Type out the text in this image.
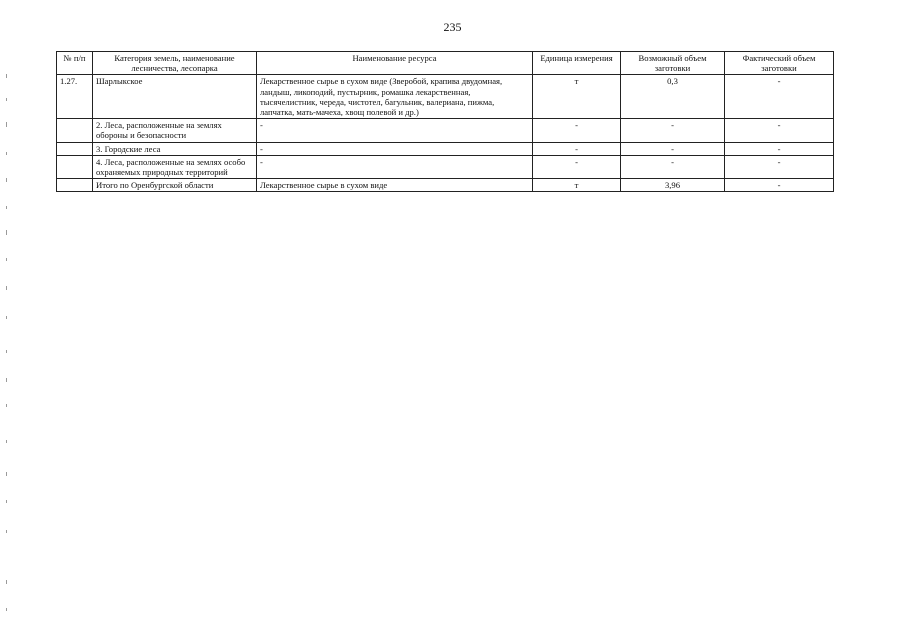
235
№ п/п	Категория земель, наименование лесничества, лесопарка	Наименование ресурса	Единица измерения	Возможный объем заготовки	Фактический объем заготовки
1.27.	Шарлыкское	Лекарственное сырье в сухом виде (Зверобой, крапива двудомная, ландыш, ликоподий, пустырник, ромашка лекарственная, тысячелистник, череда, чистотел, багульник, валериана, пижма, лапчатка, мать-мачеха, хвощ полевой и др.)	т	0,3	-
	2. Леса, расположенные на землях обороны и безопасности	-	-	-	-
	3. Городские леса	-	-	-	-
	4. Леса, расположенные на землях особо охраняемых природных территорий	-	-	-	-
	Итого по Оренбургской области	Лекарственное сырье в сухом виде	т	3,96	-
